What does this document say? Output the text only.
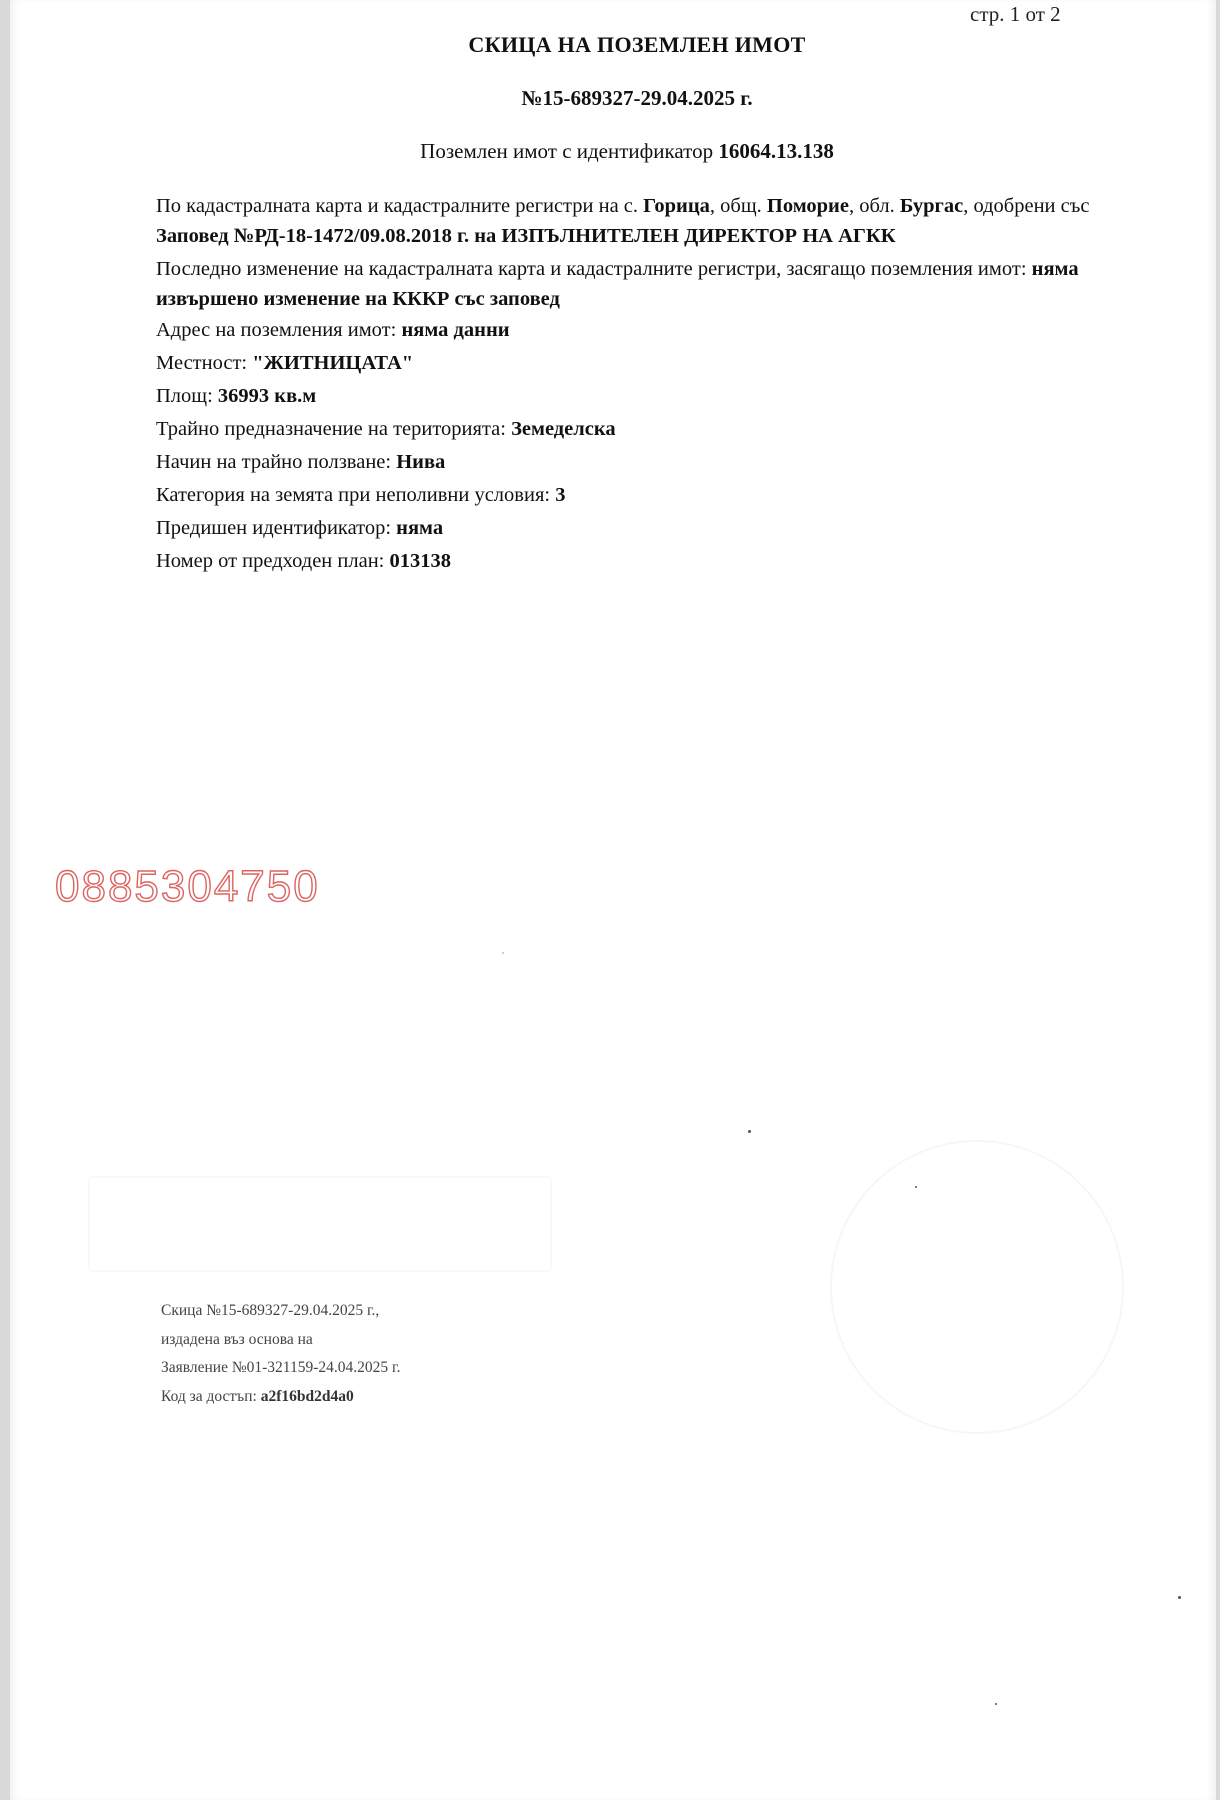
стр. 1 от 2
СКИЦА НА ПОЗЕМЛЕН ИМОТ
№15-689327-29.04.2025 г.
Поземлен имот с идентификатор 16064.13.138

По кадастралната карта и кадастралните регистри на с. Горица, общ. Поморие, обл. Бургас, одобрени със Заповед №РД-18-1472/09.08.2018 г. на ИЗПЪЛНИТЕЛЕН ДИРЕКТОР НА АГКК

Последно изменение на кадастралната карта и кадастралните регистри, засягащо поземления имот: няма извършено изменение на КККР със заповед

Адрес на поземления имот: няма данни
Местност: "ЖИТНИЦАТА"
Площ: 36993 кв.м
Трайно предназначение на територията: Земеделска
Начин на трайно ползване: Нива
Категория на земята при неполивни условия: 3
Предишен идентификатор: няма
Номер от предходен план: 013138
0885304750
Скица №15-689327-29.04.2025 г.,
издадена въз основа на
Заявление №01-321159-24.04.2025 г.
Код за достъп: a2f16bd2d4a0
